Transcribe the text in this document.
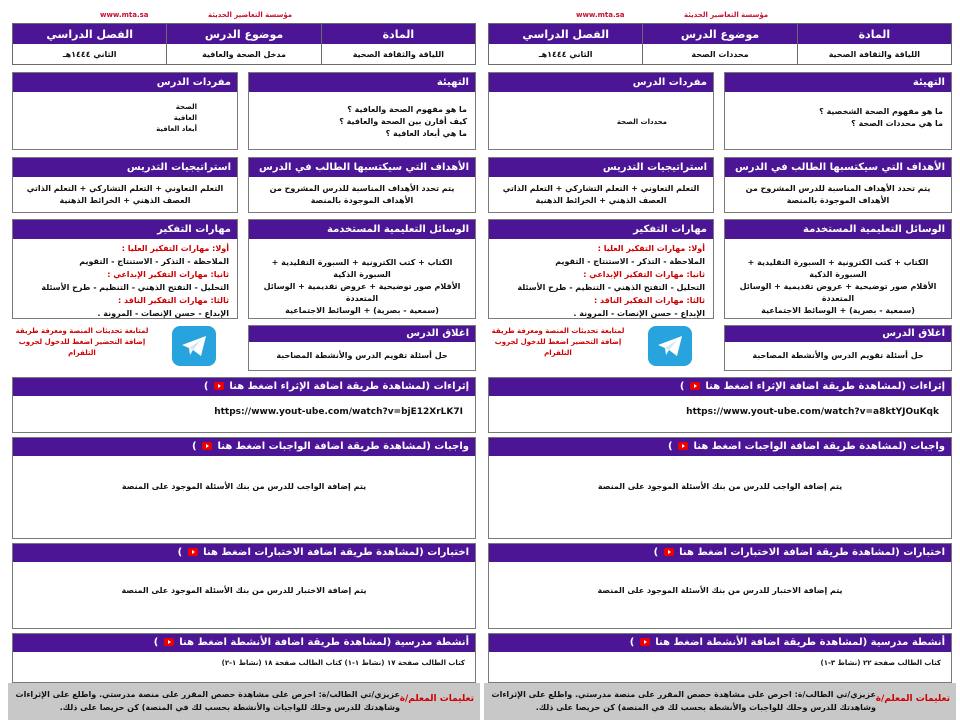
www.mta.sa	مؤسسة التعاضير الحديثة
المادة
موضوع الدرس
الفصل الدراسي
اللياقة والثقافة الصحية
مدخل الصحة والعافية
الثاني ١٤٤٤هـ
التهيئة
ما هو مفهوم الصحة والعافية ؟
كيف أقارن بين الصحة والعافية ؟
ما هي أبعاد العافية ؟
مفردات الدرس
الصحة
العافية
أبعاد العافية
الأهداف التي سيكتسبها الطالب في الدرس
يتم تحدد الأهداف المناسبة للدرس المشروح من الأهداف الموجودة بالمنصة
استراتيجيات التدريس
التعلم التعاوني + التعلم التشاركي + التعلم الذاتي
العصف الذهني + الخرائط الذهنية
الوسائل التعليمية المستخدمة
الكتاب + كتب الكترونية + السبورة التقليدية + السبورة الذكية
الأقلام صور توضيحية + عروض تقديمية + الوسائل المتعددة
(سمعية - بصرية) + الوسائط الاجتماعية
مهارات التفكير
أولا: مهارات التفكير العليا :
الملاحظة - التذكر - الاستنتاج - التقويم
ثانيا: مهارات التفكير الإبداعي :
التحليل - التفتح الذهني - التنظيم - طرح الأسئلة
ثالثا: مهارات التفكير الناقد :
الإبداع - حسن الإنصات - المرونة .
اغلاق الدرس
حل أسئلة تقويم الدرس والأنشطة المصاحبة
لمتابعة تحديثات المنصة ومعرفة طريقة إضافة التحضير اضغط للدخول لجروب التلقرام
إثراءات (لمشاهدة طريقة اضافة الإثراء اضغط هنا  )
https://www.yout-ube.com/watch?v=bjE12XrLK7I
واجبات (لمشاهدة طريقة اضافة الواجبات اضغط هنا  )
يتم إضافة الواجب للدرس من بنك الأسئلة الموجود على المنصة
اختبارات (لمشاهدة طريقة اضافة الاختبارات اضغط هنا  )
يتم إضافة الاختبار للدرس من بنك الأسئلة الموجود على المنصة
أنشطة مدرسية (لمشاهدة طريقة اضافة الأنشطة اضغط هنا  )
كتاب الطالب صفحة ١٧ (نشاط ١-١) كتاب الطالب صفحة ١٨ (نشاط ١-٢)
تعليمات المعلم/ة
عزيزي/تي الطالب/ة: احرص على مشاهدة حصص المقرر على منصة مدرستي. واطلع على الإثراءات وشاهدتك للدرس وحلك للواجبات والأنشطة بحسب لك في المنصة) كن حريصا على ذلك.
www.mta.sa	مؤسسة التعاضير الحديثة
المادة
موضوع الدرس
الفصل الدراسي
اللياقة والثقافة الصحية
محددات الصحة
الثاني ١٤٤٤هـ
التهيئة
ما هو مفهوم الصحة الشخصية ؟
ما هي محددات الصحة ؟
مفردات الدرس
محددات الصحة
الأهداف التي سيكتسبها الطالب في الدرس
يتم تحدد الأهداف المناسبة للدرس المشروح من الأهداف الموجودة بالمنصة
استراتيجيات التدريس
التعلم التعاوني + التعلم التشاركي + التعلم الذاتي
العصف الذهني + الخرائط الذهنية
الوسائل التعليمية المستخدمة
الكتاب + كتب الكترونية + السبورة التقليدية + السبورة الذكية
الأقلام صور توضيحية + عروض تقديمية + الوسائل المتعددة
(سمعية - بصرية) + الوسائط الاجتماعية
مهارات التفكير
أولا: مهارات التفكير العليا :
الملاحظة - التذكر - الاستنتاج - التقويم
ثانيا: مهارات التفكير الإبداعي :
التحليل - التفتح الذهني - التنظيم - طرح الأسئلة
ثالثا: مهارات التفكير الناقد :
الإبداع - حسن الإنصات - المرونة .
اغلاق الدرس
حل أسئلة تقويم الدرس والأنشطة المصاحبة
لمتابعة تحديثات المنصة ومعرفة طريقة إضافة التحضير اضغط للدخول لجروب التلقرام
إثراءات (لمشاهدة طريقة اضافة الإثراء اضغط هنا  )
https://www.yout-ube.com/watch?v=a8ktYJOuKqk
واجبات (لمشاهدة طريقة اضافة الواجبات اضغط هنا  )
يتم إضافة الواجب للدرس من بنك الأسئلة الموجود على المنصة
اختبارات (لمشاهدة طريقة اضافة الاختبارات اضغط هنا  )
يتم إضافة الاختبار للدرس من بنك الأسئلة الموجود على المنصة
أنشطة مدرسية (لمشاهدة طريقة اضافة الأنشطة اضغط هنا  )
كتاب الطالب صفحة ٢٢ (نشاط ٣-١)
تعليمات المعلم/ة
عزيزي/تي الطالب/ة: احرص على مشاهدة حصص المقرر على منصة مدرستي. واطلع على الإثراءات وشاهدتك للدرس وحلك للواجبات والأنشطة بحسب لك في المنصة) كن حريصا على ذلك.
